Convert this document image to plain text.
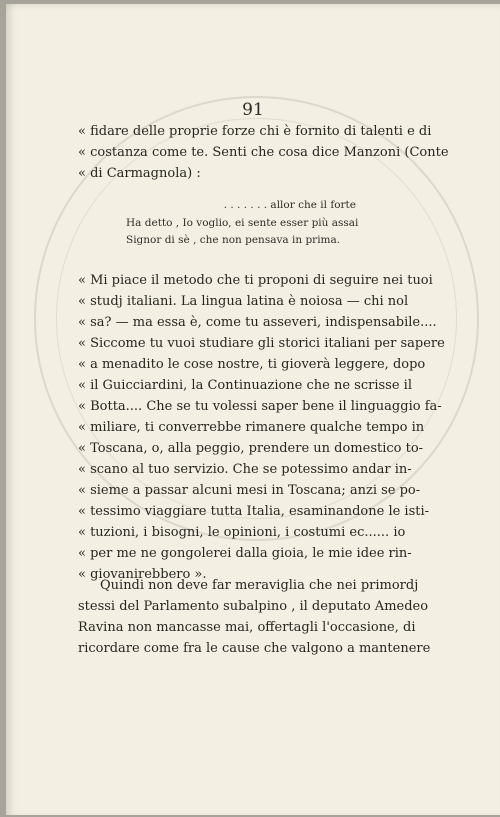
91
« fidare delle proprie forze chi è fornito di talenti e di
« costanza come te. Senti che cosa dice Manzoni (Conte
« di Carmagnola) :
. . . . . . . allor che il forte
Ha detto , Io voglio, ei sente esser più assai
Signor di sè , che non pensava in prima.
« Mi piace il metodo che ti proponi di seguire nei tuoi
« studj italiani. La lingua latina è noiosa — chi nol
« sa? — ma essa è, come tu asseveri, indispensabile....
« Siccome tu vuoi studiare gli storici italiani per sapere
« a menadito le cose nostre, ti gioverà leggere, dopo
« il Guicciardini, la Continuazione che ne scrisse il
« Botta.... Che se tu volessi saper bene il linguaggio fa-
« miliare, ti converrebbe rimanere qualche tempo in
« Toscana, o, alla peggio, prendere un domestico to-
« scano al tuo servizio. Che se potessimo andar in-
« sieme a passar alcuni mesi in Toscana; anzi se po-
« tessimo viaggiare tutta Italia, esaminandone le isti-
« tuzioni, i bisogni, le opinioni, i costumi ec...... io
« per me ne gongolerei dalla gioia, le mie idee rin-
« giovanirebbero ».
Quindi non deve far meraviglia che nei primordj
stessi del Parlamento subalpino , il deputato Amedeo
Ravina non mancasse mai, offertagli l'occasione, di
ricordare come fra le cause che valgono a mantenere
